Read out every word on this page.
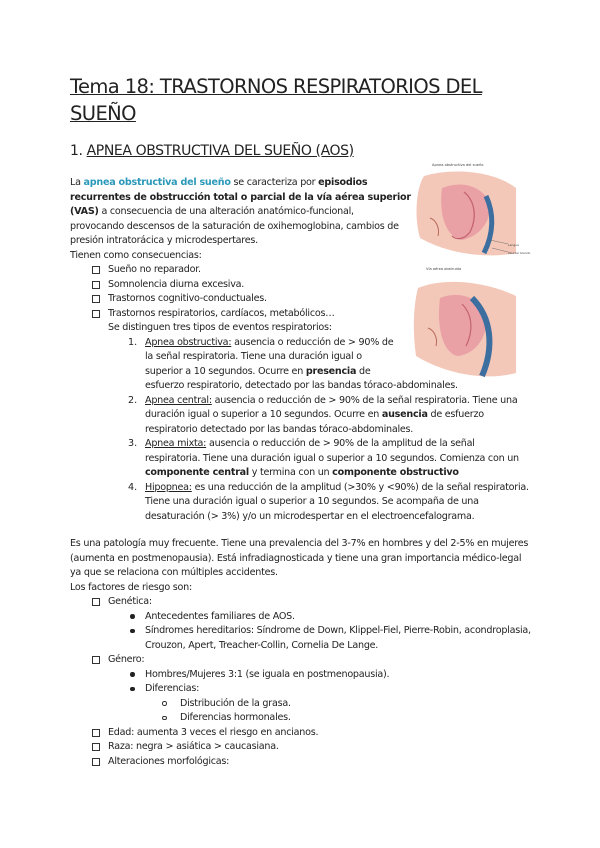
Tema 18: TRASTORNOS RESPIRATORIOS DEL SUEÑO
1. APNEA OBSTRUCTIVA DEL SUEÑO (AOS)
Apnea obstructiva del sueño
Lengua
Paladar blando
Vía aérea obstruida
La apnea obstructiva del sueño se caracteriza por episodios
recurrentes de obstrucción total o parcial de la vía aérea superior
(VAS) a consecuencia de una alteración anatómico-funcional,
provocando descensos de la saturación de oxihemoglobina, cambios de
presión intratorácica y microdespertares.
Tienen como consecuencias:
Sueño no reparador.
Somnolencia diurna excesiva.
Trastornos cognitivo-conductuales.
Trastornos respiratorios, cardíacos, metabólicos…
Se distinguen tres tipos de eventos respiratorios:
1. Apnea obstructiva: ausencia o reducción de > 90% de
la señal respiratoria. Tiene una duración igual o
superior a 10 segundos. Ocurre en presencia de
esfuerzo respiratorio, detectado por las bandas tóraco-abdominales.
2. Apnea central: ausencia o reducción de > 90% de la señal respiratoria. Tiene una
duración igual o superior a 10 segundos. Ocurre en ausencia de esfuerzo
respiratorio detectado por las bandas tóraco-abdominales.
3. Apnea mixta: ausencia o reducción de > 90% de la amplitud de la señal
respiratoria. Tiene una duración igual o superior a 10 segundos. Comienza con un
componente central y termina con un componente obstructivo
4. Hipopnea: es una reducción de la amplitud (>30% y <90%) de la señal respiratoria.
Tiene una duración igual o superior a 10 segundos. Se acompaña de una
desaturación (> 3%) y/o un microdespertar en el electroencefalograma.
Es una patología muy frecuente. Tiene una prevalencia del 3-7% en hombres y del 2-5% en mujeres
(aumenta en postmenopausia). Está infradiagnosticada y tiene una gran importancia médico-legal
ya que se relaciona con múltiples accidentes.
Los factores de riesgo son:
Genética:
Antecedentes familiares de AOS.
Síndromes hereditarios: Síndrome de Down, Klippel-Fiel, Pierre-Robin, acondroplasia,
Crouzon, Apert, Treacher-Collin, Cornelia De Lange.
Género:
Hombres/Mujeres 3:1 (se iguala en postmenopausia).
Diferencias:
Distribución de la grasa.
Diferencias hormonales.
Edad: aumenta 3 veces el riesgo en ancianos.
Raza: negra > asiática > caucasiana.
Alteraciones morfológicas:
